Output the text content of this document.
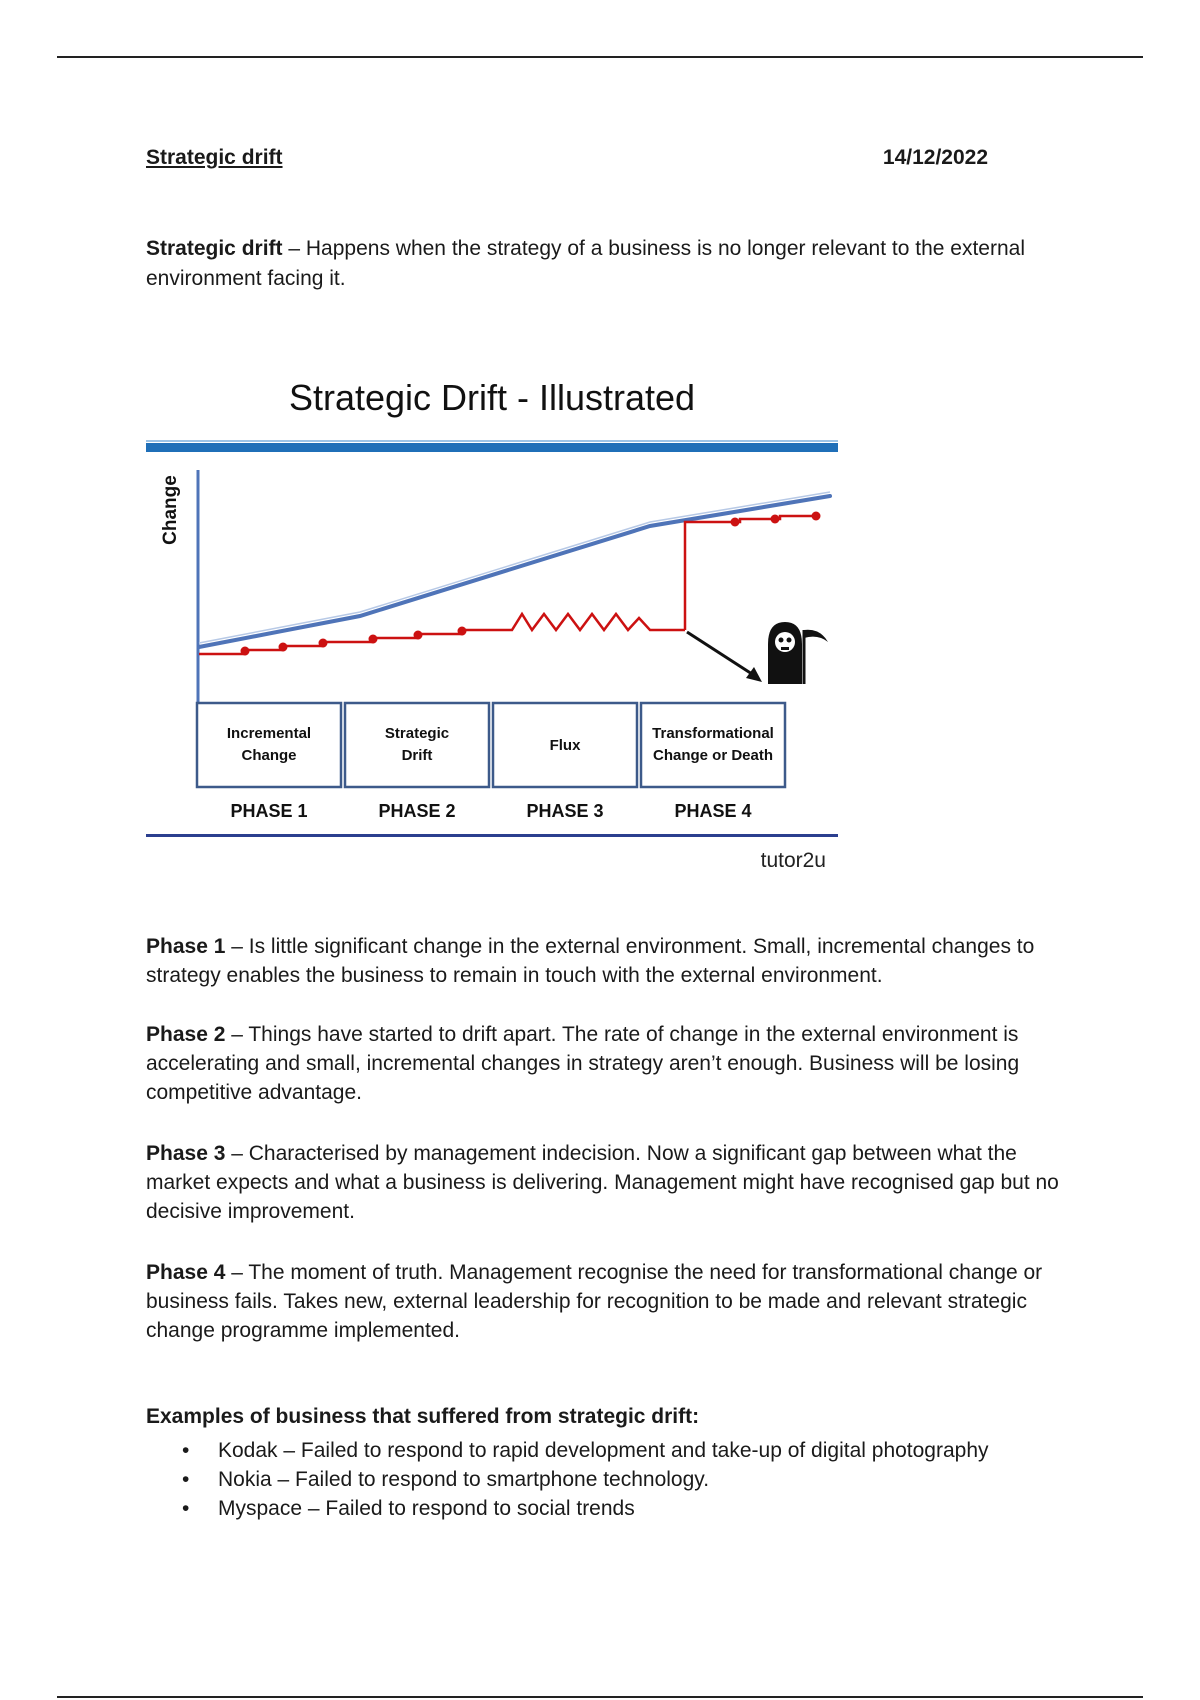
Strategic drift	14/12/2022
Strategic drift – Happens when the strategy of a business is no longer relevant to the external environment facing it.
Strategic Drift - Illustrated
Change
Incremental
Change
Strategic
Drift
Flux
Transformational
Change or Death
PHASE 1	PHASE 2	PHASE 3	PHASE 4
tutor2u
Phase 1 – Is little significant change in the external environment. Small, incremental changes to strategy enables the business to remain in touch with the external environment.
Phase 2 – Things have started to drift apart. The rate of change in the external environment is accelerating and small, incremental changes in strategy aren’t enough. Business will be losing competitive advantage.
Phase 3 – Characterised by management indecision. Now a significant gap between what the market expects and what a business is delivering. Management might have recognised gap but no decisive improvement.
Phase 4 – The moment of truth. Management recognise the need for transformational change or business fails. Takes new, external leadership for recognition to be made and relevant strategic change programme implemented.
Examples of business that suffered from strategic drift:
• Kodak – Failed to respond to rapid development and take-up of digital photography
• Nokia – Failed to respond to smartphone technology.
• Myspace – Failed to respond to social trends
